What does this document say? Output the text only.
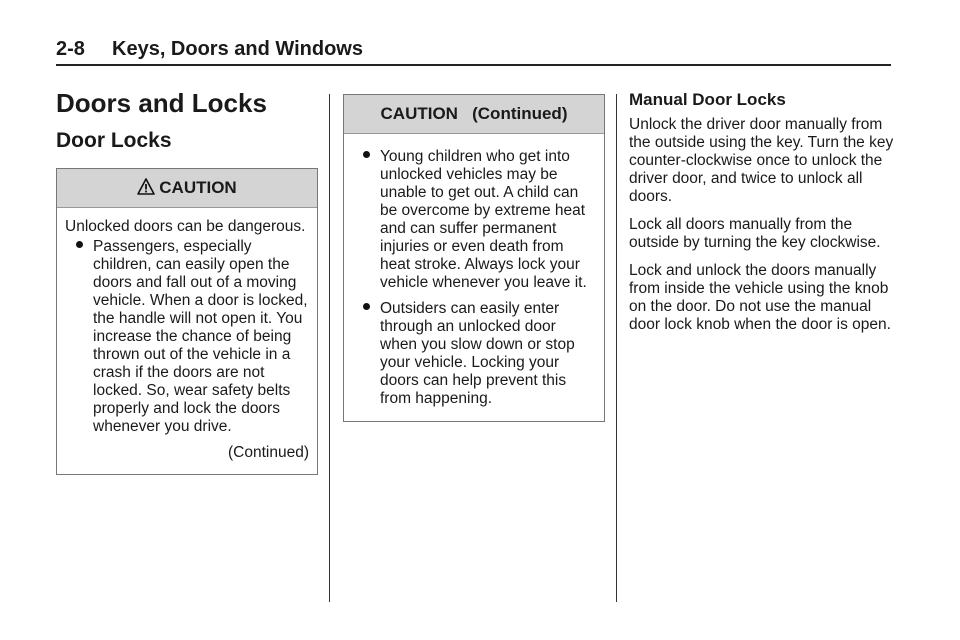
2-8 Keys, Doors and Windows
Doors and Locks
Door Locks
CAUTION

Unlocked doors can be dangerous.

Passengers, especially children, can easily open the doors and fall out of a moving vehicle. When a door is locked, the handle will not open it. You increase the chance of being thrown out of the vehicle in a crash if the doors are not locked. So, wear safety belts properly and lock the doors whenever you drive.
(Continued)
CAUTION   (Continued)
Young children who get into unlocked vehicles may be unable to get out. A child can be overcome by extreme heat and can suffer permanent injuries or even death from heat stroke. Always lock your vehicle whenever you leave it.
Outsiders can easily enter through an unlocked door when you slow down or stop your vehicle. Locking your doors can help prevent this from happening.
Manual Door Locks

Unlock the driver door manually from the outside using the key. Turn the key counter-clockwise once to unlock the driver door, and twice to unlock all doors.

Lock all doors manually from the outside by turning the key clockwise.

Lock and unlock the doors manually from inside the vehicle using the knob on the door. Do not use the manual door lock knob when the door is open.
